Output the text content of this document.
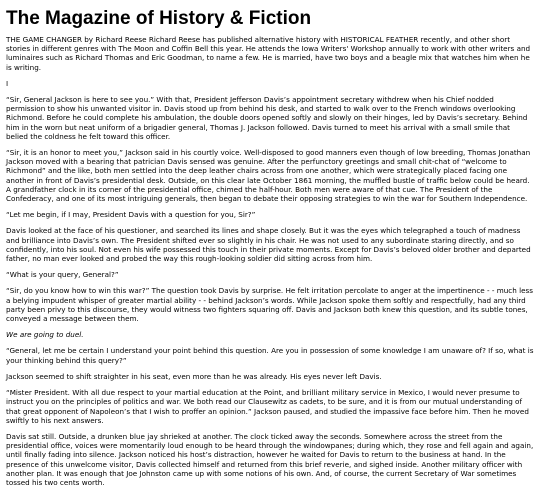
The Magazine of History & Fiction

THE GAME CHANGER by Richard Reese Richard Reese has published alternative history with HISTORICAL FEATHER recently, and other short stories in different genres with The Moon and Coffin Bell this year. He attends the Iowa Writers' Workshop annually to work with other writers and luminaires such as Richard Thomas and Eric Goodman, to name a few. He is married, have two boys and a beagle mix that watches him when he is writing.

I

“Sir, General Jackson is here to see you.” With that, President Jefferson Davis’s appointment secretary withdrew when his Chief nodded permission to show his unwanted visitor in. Davis stood up from behind his desk, and started to walk over to the French windows overlooking Richmond. Before he could complete his ambulation, the double doors opened softly and slowly on their hinges, led by Davis’s secretary. Behind him in the worn but neat uniform of a brigadier general, Thomas J. Jackson followed. Davis turned to meet his arrival with a small smile that belied the coldness he felt toward this officer.

“Sir, it is an honor to meet you,” Jackson said in his courtly voice. Well-disposed to good manners even though of low breeding, Thomas Jonathan Jackson moved with a bearing that patrician Davis sensed was genuine. After the perfunctory greetings and small chit-chat of “welcome to Richmond” and the like, both men settled into the deep leather chairs across from one another, which were strategically placed facing one another in front of Davis’s presidential desk. Outside, on this clear late October 1861 morning, the muffled bustle of traffic below could be heard. A grandfather clock in its corner of the presidential office, chimed the half-hour. Both men were aware of that cue. The President of the Confederacy, and one of its most intriguing generals, then began to debate their opposing strategies to win the war for Southern Independence.

“Let me begin, if I may, President Davis with a question for you, Sir?”

Davis looked at the face of his questioner, and searched its lines and shape closely. But it was the eyes which telegraphed a touch of madness and brilliance into Davis’s own. The President shifted ever so slightly in his chair. He was not used to any subordinate staring directly, and so confidently, into his soul. Not even his wife possessed this touch in their private moments. Except for Davis’s beloved older brother and departed father, no man ever looked and probed the way this rough-looking soldier did sitting across from him.

“What is your query, General?”

“Sir, do you know how to win this war?” The question took Davis by surprise. He felt irritation percolate to anger at the impertinence - - much less a belying impudent whisper of greater martial ability - - behind Jackson’s words. While Jackson spoke them softly and respectfully, had any third party been privy to this discourse, they would witness two fighters squaring off. Davis and Jackson both knew this question, and its subtle tones, conveyed a message between them.

We are going to duel.

“General, let me be certain I understand your point behind this question. Are you in possession of some knowledge I am unaware of? If so, what is your thinking behind this query?”

Jackson seemed to shift straighter in his seat, even more than he was already. His eyes never left Davis.

“Mister President. With all due respect to your martial education at the Point, and brilliant military service in Mexico, I would never presume to instruct you on the principles of politics and war. We both read our Clausewitz as cadets, to be sure, and it is from our mutual understanding of that great opponent of Napoleon’s that I wish to proffer an opinion.” Jackson paused, and studied the impassive face before him. Then he moved swiftly to his next answers.

Davis sat still. Outside, a drunken blue jay shrieked at another. The clock ticked away the seconds. Somewhere across the street from the presidential office, voices were momentarily loud enough to be heard through the windowpanes; during which, they rose and fell again and again, until finally fading into silence. Jackson noticed his host’s distraction, however he waited for Davis to return to the business at hand. In the presence of this unwelcome visitor, Davis collected himself and returned from this brief reverie, and sighed inside. Another military officer with another plan. It was enough that Joe Johnston came up with some notions of his own. And, of course, the current Secretary of War sometimes tossed his two cents worth.
